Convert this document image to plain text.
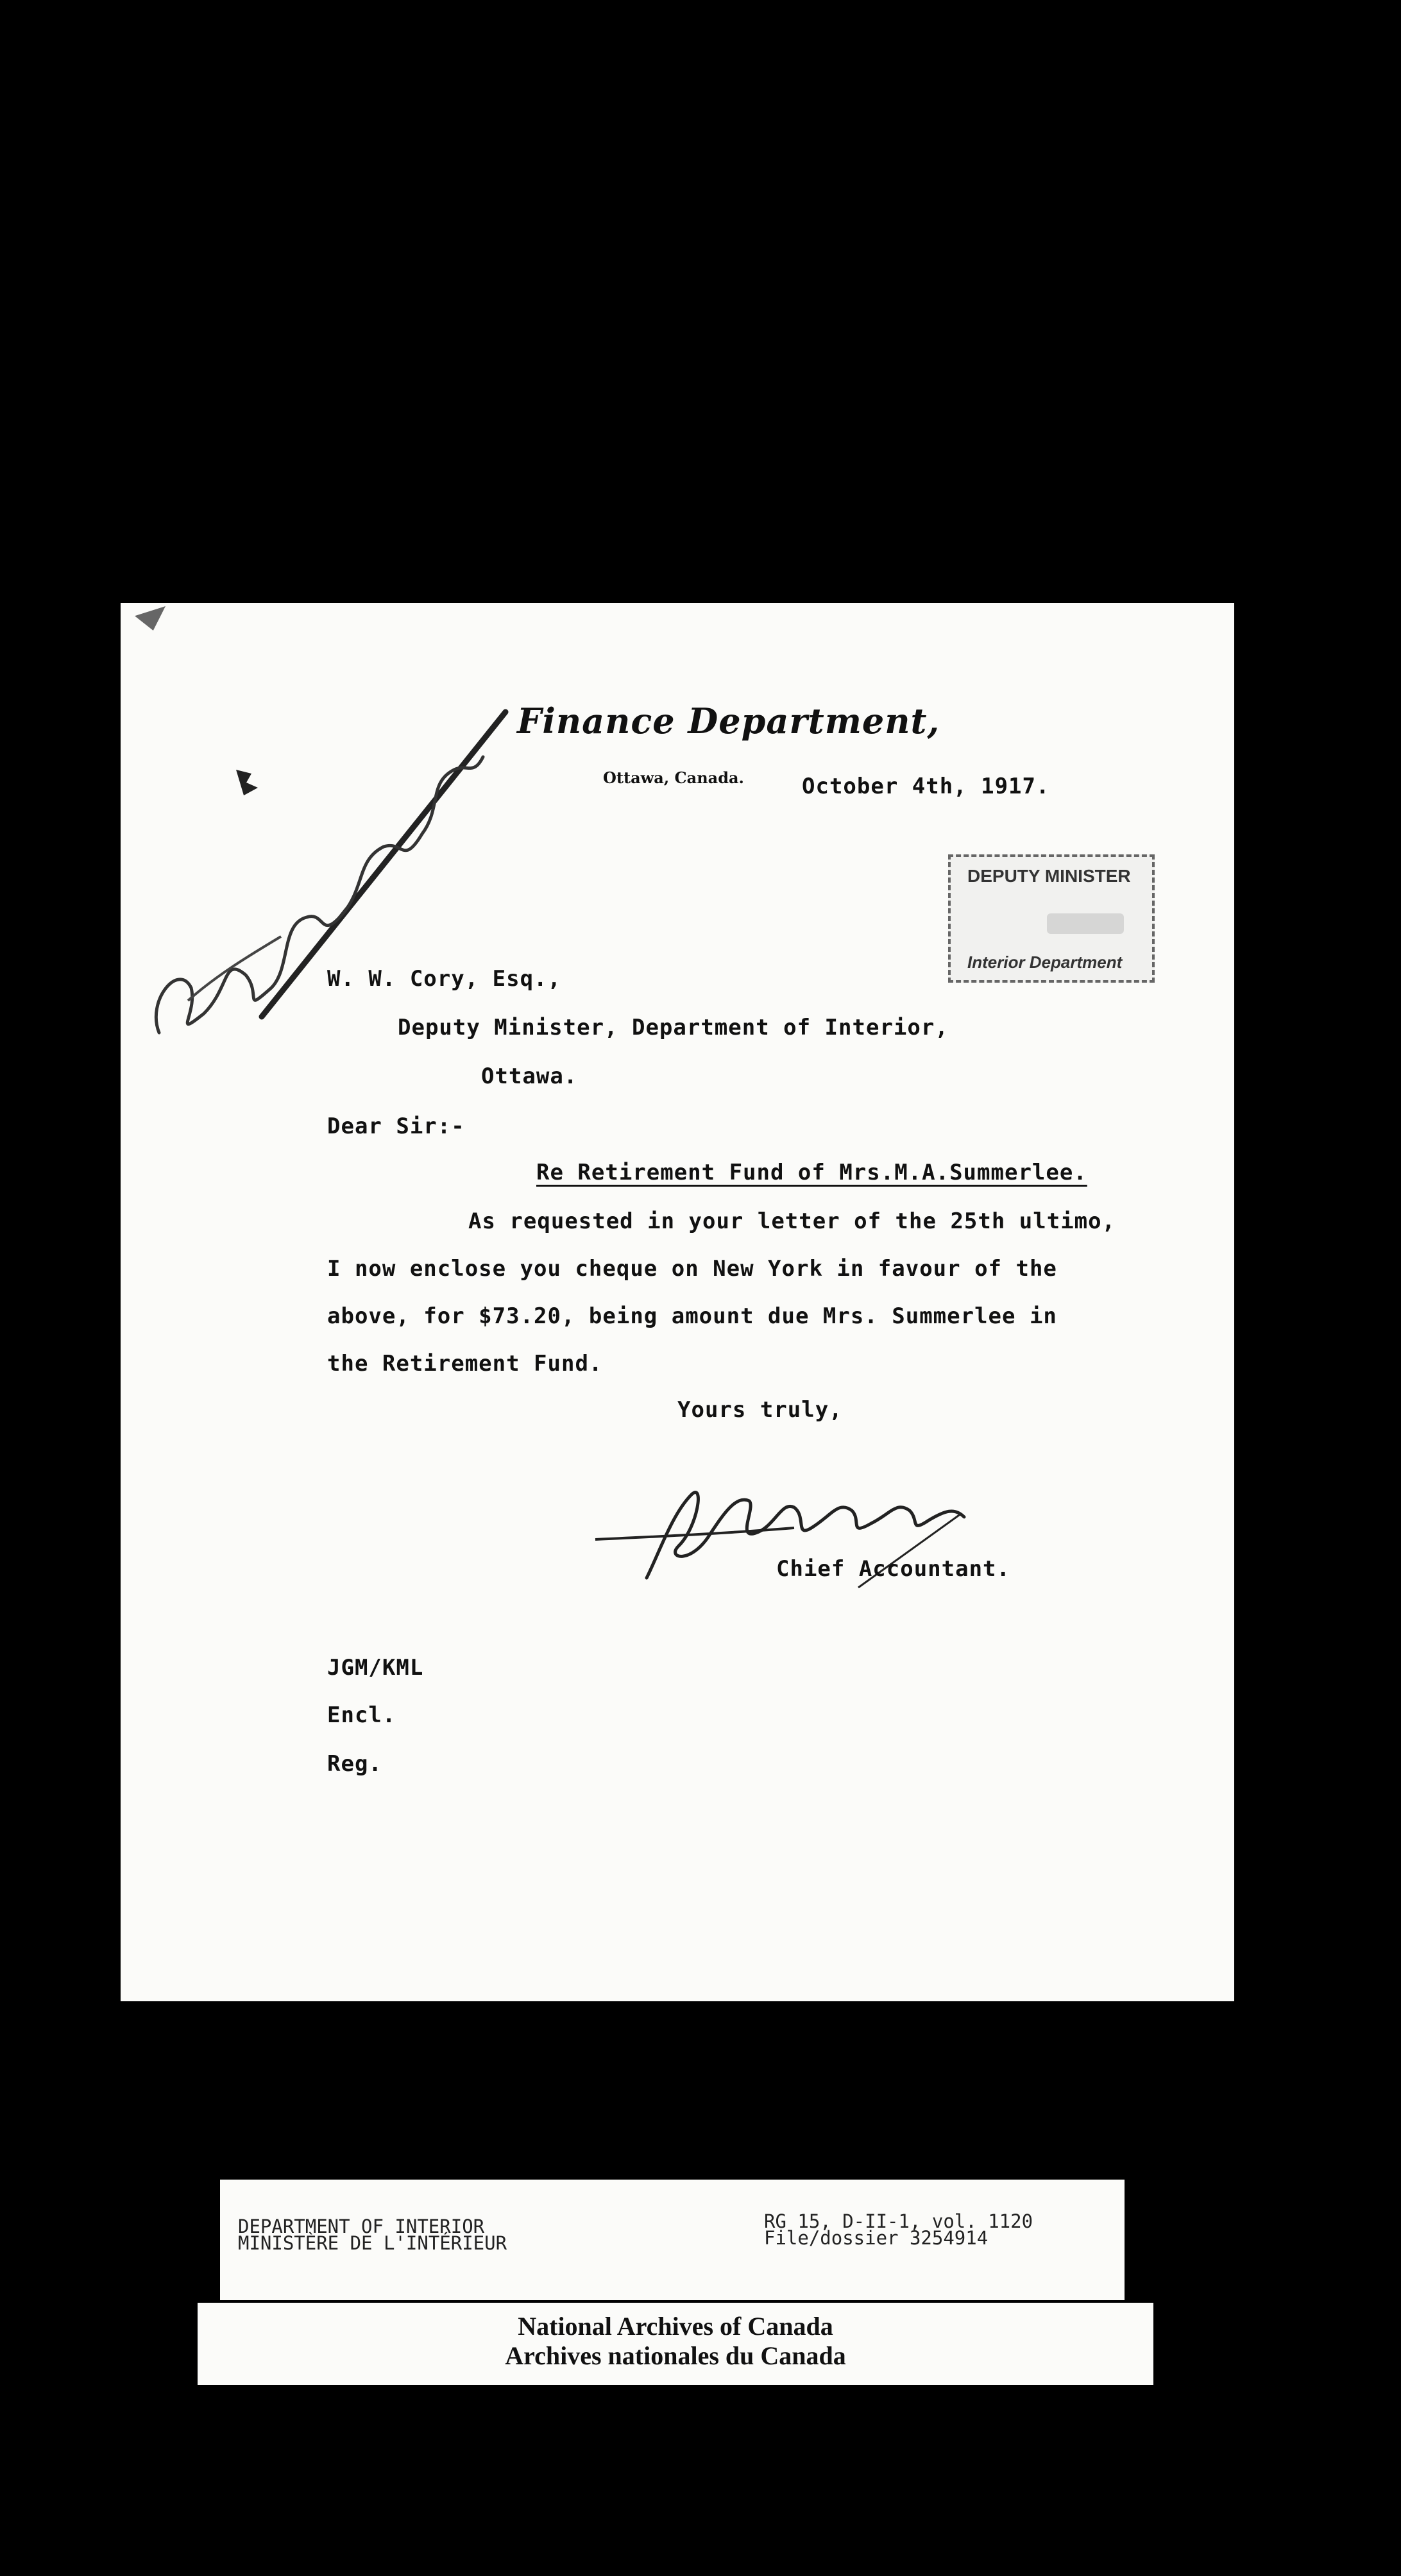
Finance Department,
Ottawa, Canada.	October 4th, 1917.
DEPUTY MINISTER
Interior Department
W. W. Cory, Esq.,
Deputy Minister, Department of Interior,
Ottawa.
Dear Sir:-
Re Retirement Fund of Mrs.M.A.Summerlee.
As requested in your letter of the 25th ultimo,
I now enclose you cheque on New York in favour of the
above, for $73.20, being amount due Mrs. Summerlee in
the Retirement Fund.
Yours truly,
Chief Accountant.
JGM/KML
Encl.
Reg.
DEPARTMENT OF INTERIOR
MINISTÈRE DE L'INTÉRIEUR
RG 15, D-II-1, vol. 1120
File/dossier 3254914
National Archives of Canada
Archives nationales du Canada
